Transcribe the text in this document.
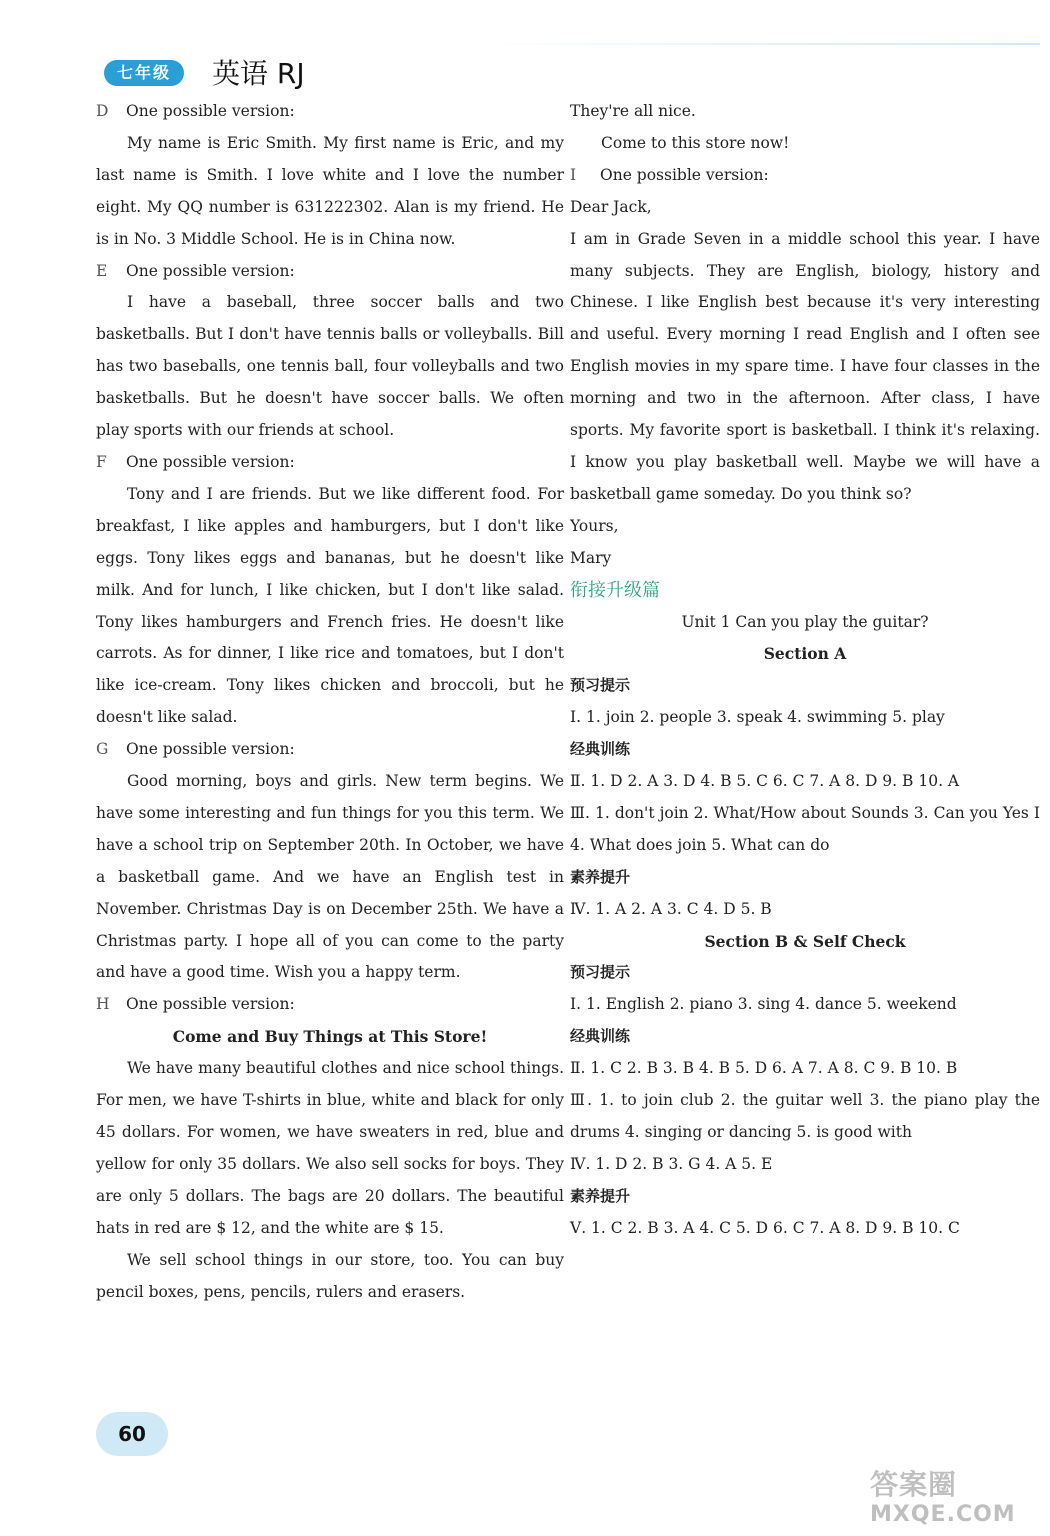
七年级	英语 RJ

D One possible version:

My name is Eric Smith. My first name is Eric, and my last name is Smith. I love white and I love the number eight. My QQ number is 631222302. Alan is my friend. He is in No. 3 Middle School. He is in China now.

E One possible version:

I have a baseball, three soccer balls and two basketballs. But I don't have tennis balls or volleyballs. Bill has two baseballs, one tennis ball, four volleyballs and two basketballs. But he doesn't have soccer balls. We often play sports with our friends at school.

F One possible version:

Tony and I are friends. But we like different food. For breakfast, I like apples and hamburgers, but I don't like eggs. Tony likes eggs and bananas, but he doesn't like milk. And for lunch, I like chicken, but I don't like salad. Tony likes hamburgers and French fries. He doesn't like carrots. As for dinner, I like rice and tomatoes, but I don't like ice-cream. Tony likes chicken and broccoli, but he doesn't like salad.

G One possible version:

Good morning, boys and girls. New term begins. We have some interesting and fun things for you this term. We have a school trip on September 20th. In October, we have a basketball game. And we have an English test in November. Christmas Day is on December 25th. We have a Christmas party. I hope all of you can come to the party and have a good time. Wish you a happy term.

H One possible version:

Come and Buy Things at This Store!

We have many beautiful clothes and nice school things. For men, we have T-shirts in blue, white and black for only 45 dollars. For women, we have sweaters in red, blue and yellow for only 35 dollars. We also sell socks for boys. They are only 5 dollars. The bags are 20 dollars. The beautiful hats in red are $ 12, and the white are $ 15.

We sell school things in our store, too. You can buy pencil boxes, pens, pencils, rulers and erasers.

They're all nice.

Come to this store now!

I One possible version:

Dear Jack,

I am in Grade Seven in a middle school this year. I have many subjects. They are English, biology, history and Chinese. I like English best because it's very interesting and useful. Every morning I read English and I often see English movies in my spare time. I have four classes in the morning and two in the afternoon. After class, I have sports. My favorite sport is basketball. I think it's relaxing. I know you play basketball well. Maybe we will have a basketball game someday. Do you think so?

Yours,

Mary

衔接升级篇

Unit 1 Can you play the guitar?

Section A

预习提示

Ⅰ. 1. join 2. people 3. speak 4. swimming 5. play

经典训练

Ⅱ. 1. D 2. A 3. D 4. B 5. C 6. C 7. A 8. D 9. B 10. A

Ⅲ. 1. don't join 2. What/How about Sounds 3. Can you Yes I 4. What does join 5. What can do

素养提升

Ⅳ. 1. A 2. A 3. C 4. D 5. B

Section B & Self Check

预习提示

Ⅰ. 1. English 2. piano 3. sing 4. dance 5. weekend

经典训练

Ⅱ. 1. C 2. B 3. B 4. B 5. D 6. A 7. A 8. C 9. B 10. B

Ⅲ. 1. to join club 2. the guitar well 3. the piano play the drums 4. singing or dancing 5. is good with

Ⅳ. 1. D 2. B 3. G 4. A 5. E

素养提升

Ⅴ. 1. C 2. B 3. A 4. C 5. D 6. C 7. A 8. D 9. B 10. C

60
答案圈
MXQE.COM
